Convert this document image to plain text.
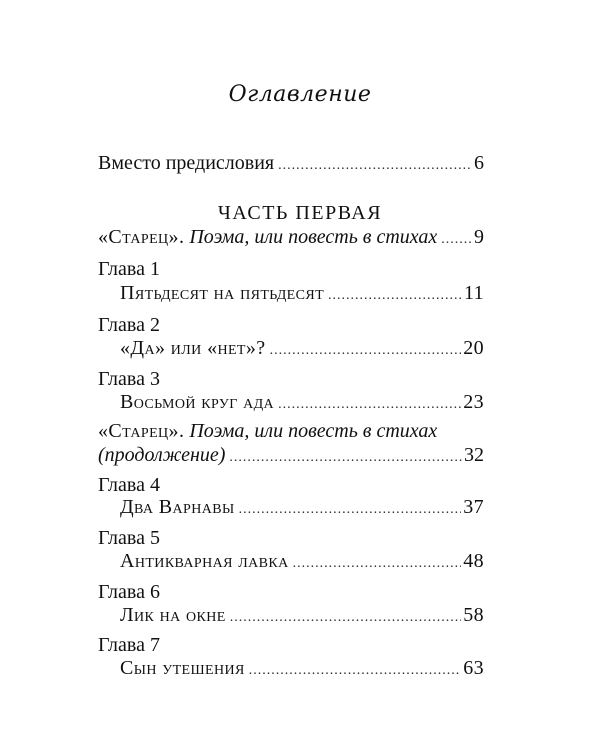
Оглавление
Вместо предисловия .....	6
ЧАСТЬ ПЕРВАЯ
«Старец». Поэма, или повесть в стихах ..... 9
Глава 1
Пятьдесят на пятьдесят .....	11
Глава 2
«Да» или «нет»? .....	20
Глава 3
Восьмой круг ада .....	23
«Старец». Поэма, или повесть в стихах
(продолжение) .....	32
Глава 4
Два Варнавы .....	37
Глава 5
Антикварная лавка .....	48
Глава 6
Лик на окне .....	58
Глава 7
Сын утешения .....	63
